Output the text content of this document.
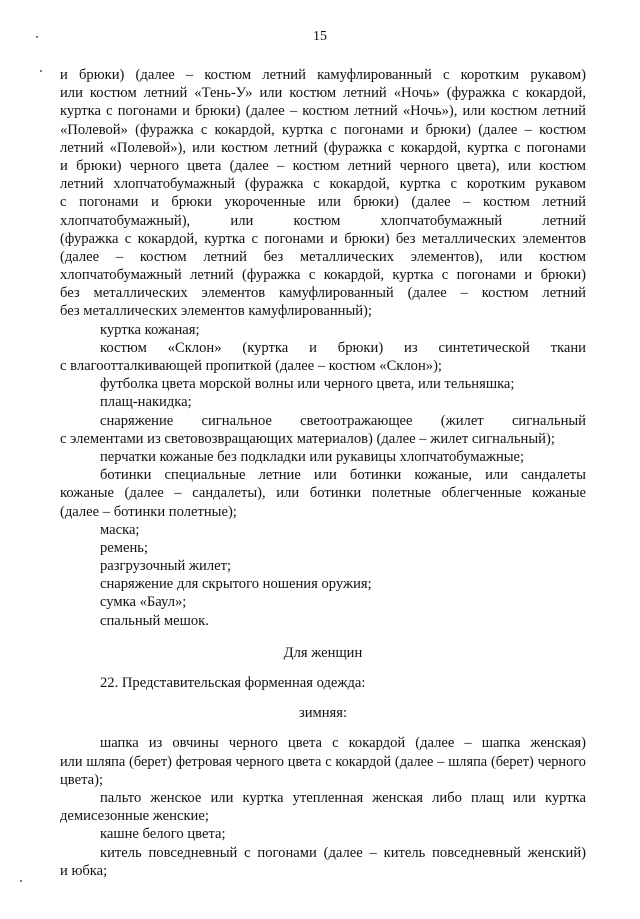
15
и брюки) (далее – костюм летний камуфлированный с коротким рукавом)
или костюм летний «Тень-У» или костюм летний «Ночь» (фуражка с кокардой,
куртка с погонами и брюки) (далее – костюм летний «Ночь»), или костюм летний
«Полевой» (фуражка с кокардой, куртка с погонами и брюки) (далее – костюм
летний «Полевой»), или костюм летний (фуражка с кокардой, куртка с погонами
и брюки) черного цвета (далее – костюм летний черного цвета), или костюм
летний хлопчатобумажный (фуражка с кокардой, куртка с коротким рукавом
с погонами и брюки укороченные или брюки) (далее – костюм летний
хлопчатобумажный), или костюм хлопчатобумажный летний
(фуражка с кокардой, куртка с погонами и брюки) без металлических элементов
(далее – костюм летний без металлических элементов), или костюм
хлопчатобумажный летний (фуражка с кокардой, куртка с погонами и брюки)
без металлических элементов камуфлированный (далее – костюм летний
без металлических элементов камуфлированный);
куртка кожаная;
костюм «Склон» (куртка и брюки) из синтетической ткани
с влагоотталкивающей пропиткой (далее – костюм «Склон»);
футболка цвета морской волны или черного цвета, или тельняшка;
плащ-накидка;
снаряжение сигнальное светоотражающее (жилет сигнальный
с элементами из световозвращающих материалов) (далее – жилет сигнальный);
перчатки кожаные без подкладки или рукавицы хлопчатобумажные;
ботинки специальные летние или ботинки кожаные, или сандалеты
кожаные (далее – сандалеты), или ботинки полетные облегченные кожаные
(далее – ботинки полетные);
маска;
ремень;
разгрузочный жилет;
снаряжение для скрытого ношения оружия;
сумка «Баул»;
спальный мешок.
Для женщин
22. Представительская форменная одежда:
зимняя:
шапка из овчины черного цвета с кокардой (далее – шапка женская)
или шляпа (берет) фетровая черного цвета с кокардой (далее – шляпа (берет) черного
цвета);
пальто женское или куртка утепленная женская либо плащ или куртка
демисезонные женские;
кашне белого цвета;
китель повседневный с погонами (далее – китель повседневный женский)
и юбка;
